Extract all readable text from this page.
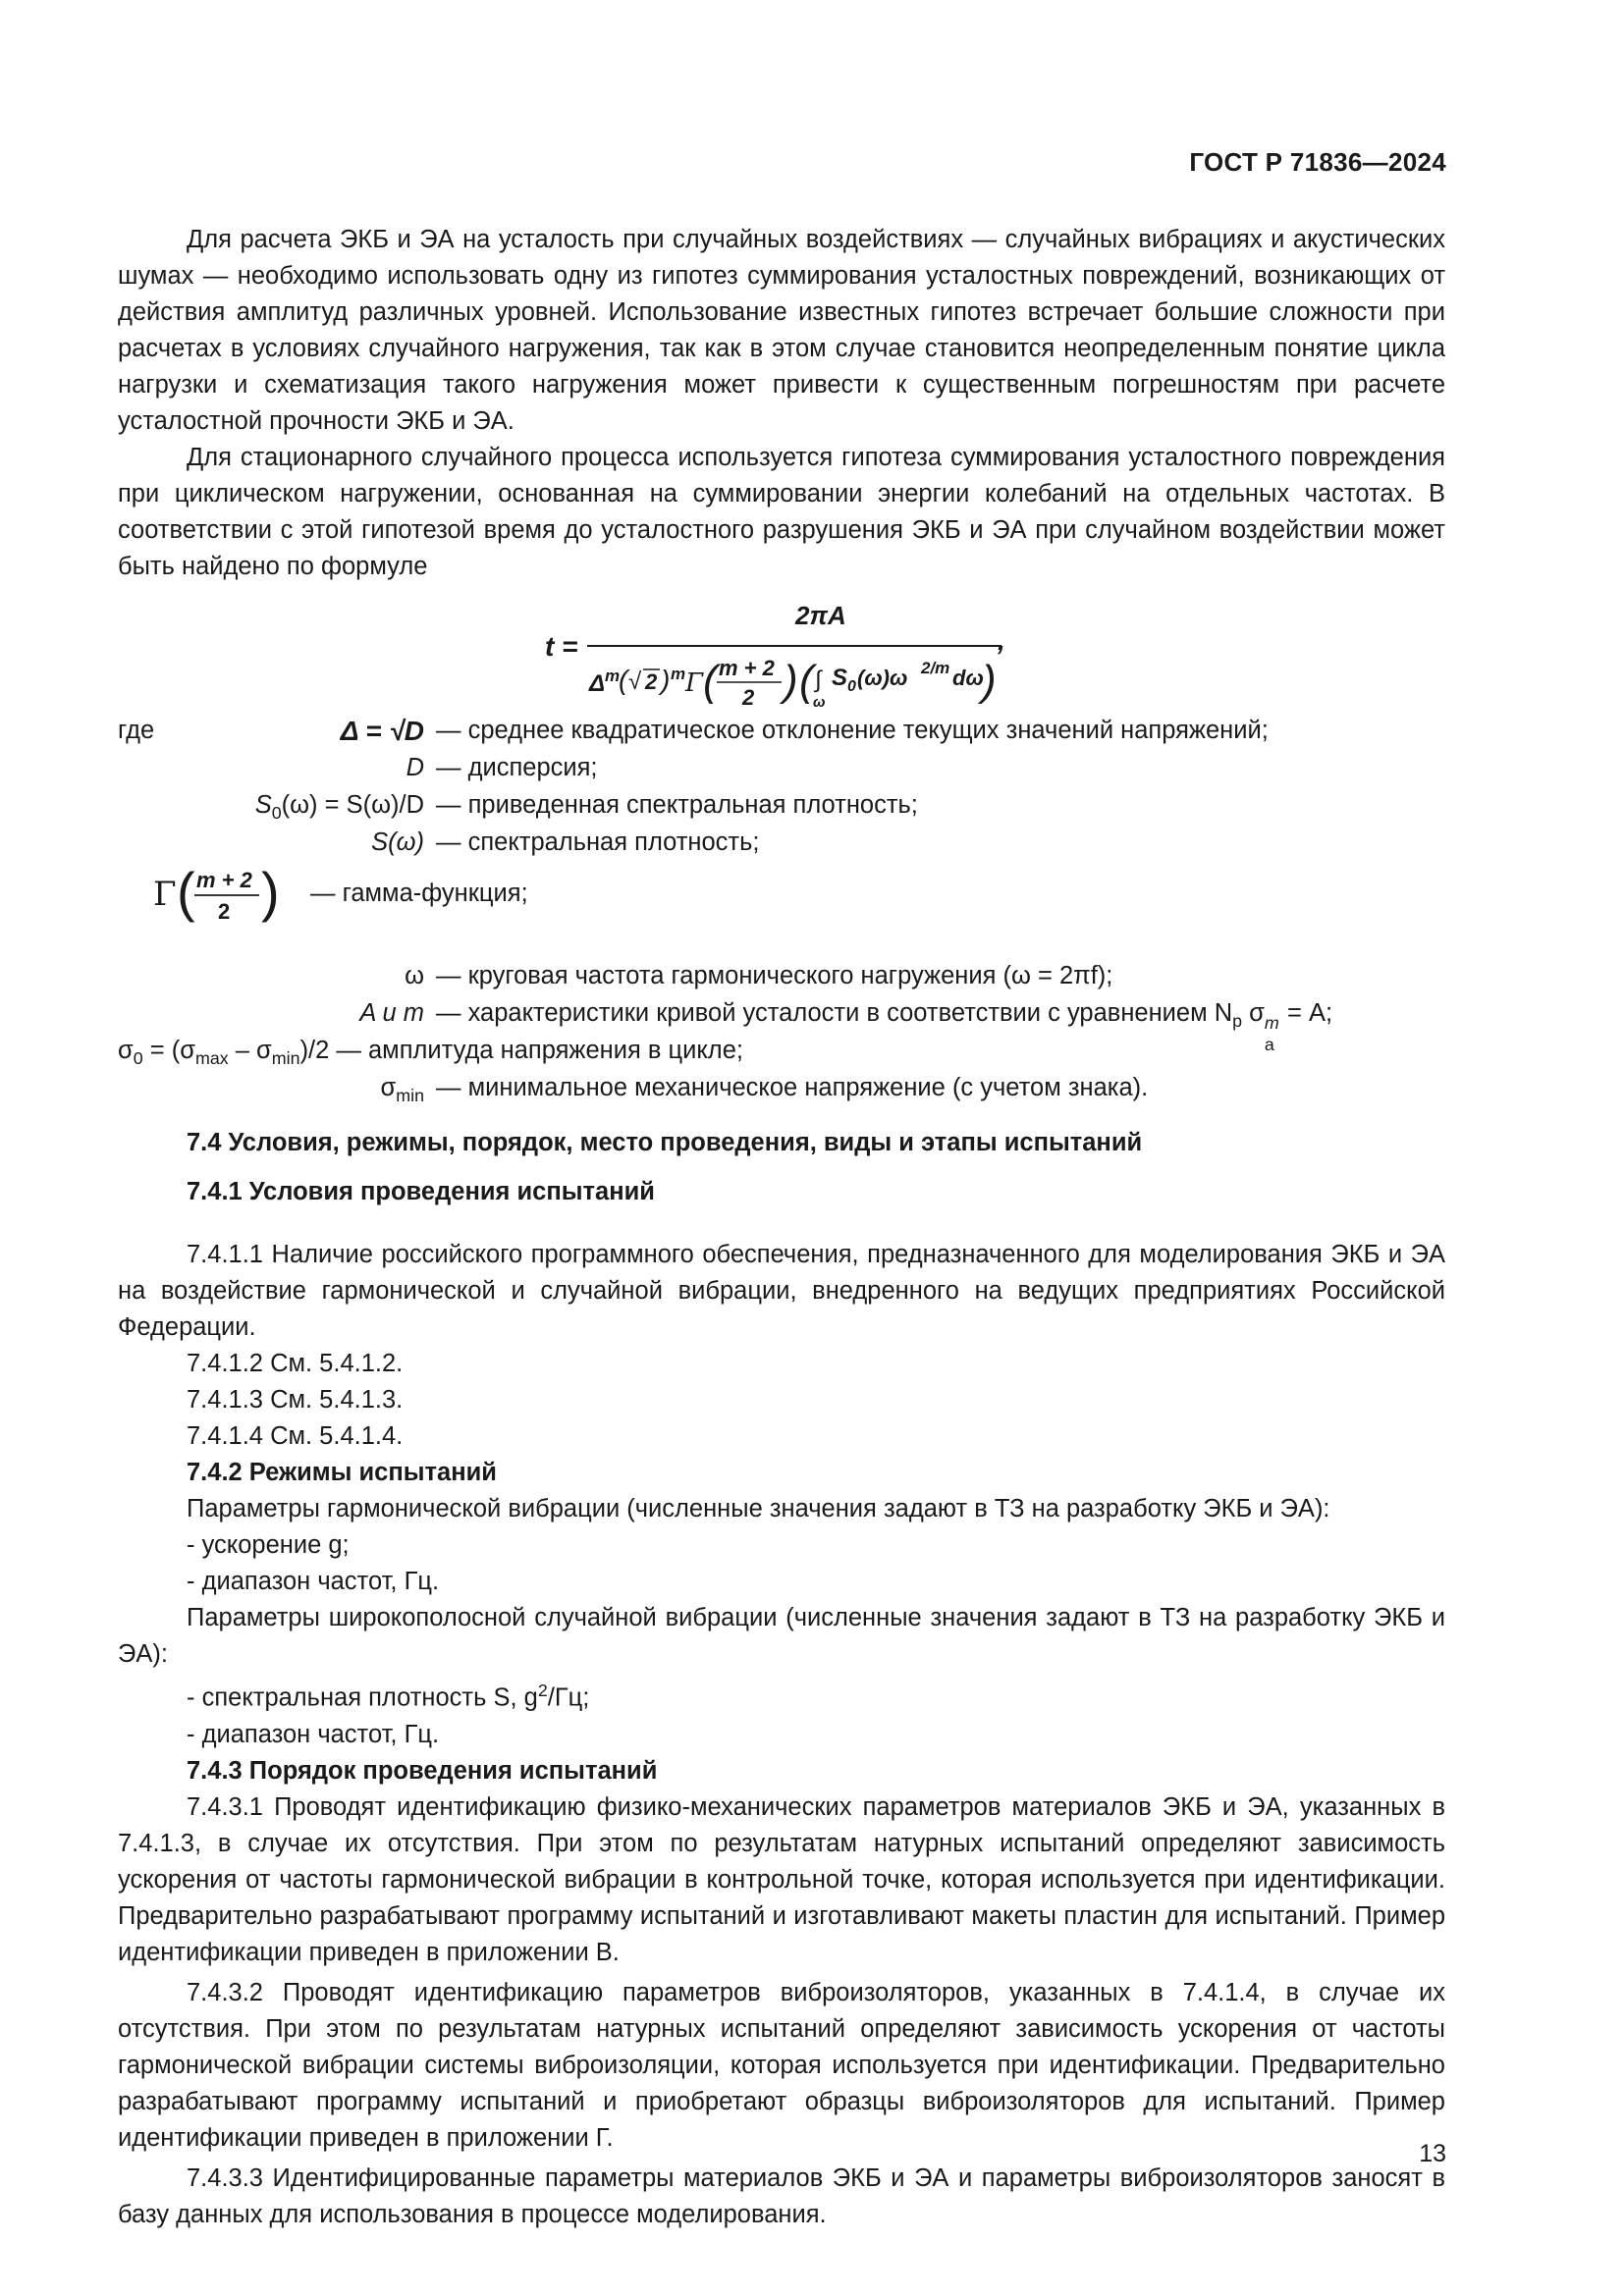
ГОСТ Р 71836—2024

Для расчета ЭКБ и ЭА на усталость при случайных воздействиях — случайных вибрациях и акустических шумах — необходимо использовать одну из гипотез суммирования усталостных повреждений, возникающих от действия амплитуд различных уровней. Использование известных гипотез встречает большие сложности при расчетах в условиях случайного нагружения, так как в этом случае становится неопределенным понятие цикла нагрузки и схематизация такого нагружения может привести к существенным погрешностям при расчете усталостной прочности ЭКБ и ЭА.

Для стационарного случайного процесса используется гипотеза суммирования усталостного повреждения при циклическом нагружении, основанная на суммировании энергии колебаний на отдельных частотах. В соответствии с этой гипотезой время до усталостного разрушения ЭКБ и ЭА при случайном воздействии может быть найдено по формуле

t =
2πA
Δ m
( √ 2 ) m Γ ( m + 2
2 ) ( ∫
ω
S 0 (ω)ω 2/m dω
)
,
где	Δ = √D — среднее квадратическое отклонение текущих значений напряжений;
D — дисперсия;
$S_0(\omega) = S(\omega)/D$ — приведенная спектральная плотность;
S(ω) — спектральная плотность;
Γ ( m + 2
2 ) — гамма-функция;
ω — круговая частота гармонического нагружения (ω = 2πf);
A и m — характеристики кривой усталости в соответствии с уравнением $N_p$ σ m
a
= A;
$\sigma_0 = (\sigma_{max} - \sigma_{min})/2$ — амплитуда напряжения в цикле;
$\sigma_{min}$ — минимальное механическое напряжение (с учетом знака).
7.4 Условия, режимы, порядок, место проведения, виды и этапы испытаний
7.4.1 Условия проведения испытаний

7.4.1.1 Наличие российского программного обеспечения, предназначенного для моделирования ЭКБ и ЭА на воздействие гармонической и случайной вибрации, внедренного на ведущих предприятиях Российской Федерации.

7.4.1.2 См. 5.4.1.2.

7.4.1.3 См. 5.4.1.3.

7.4.1.4 См. 5.4.1.4.

7.4.2 Режимы испытаний

Параметры гармонической вибрации (численные значения задают в ТЗ на разработку ЭКБ и ЭА):

- ускорение g;

- диапазон частот, Гц.

Параметры широкополосной случайной вибрации (численные значения задают в ТЗ на разработку ЭКБ и ЭА):

- спектральная плотность S, $g^2/Гц$;

- диапазон частот, Гц.

7.4.3 Порядок проведения испытаний

7.4.3.1 Проводят идентификацию физико-механических параметров материалов ЭКБ и ЭА, указанных в 7.4.1.3, в случае их отсутствия. При этом по результатам натурных испытаний определяют зависимость ускорения от частоты гармонической вибрации в контрольной точке, которая используется при идентификации. Предварительно разрабатывают программу испытаний и изготавливают макеты пластин для испытаний. Пример идентификации приведен в приложении В.

7.4.3.2 Проводят идентификацию параметров виброизоляторов, указанных в 7.4.1.4, в случае их отсутствия. При этом по результатам натурных испытаний определяют зависимость ускорения от частоты гармонической вибрации системы виброизоляции, которая используется при идентификации. Предварительно разрабатывают программу испытаний и приобретают образцы виброизоляторов для испытаний. Пример идентификации приведен в приложении Г.

7.4.3.3 Идентифицированные параметры материалов ЭКБ и ЭА и параметры виброизоляторов заносят в базу данных для использования в процессе моделирования.

13
